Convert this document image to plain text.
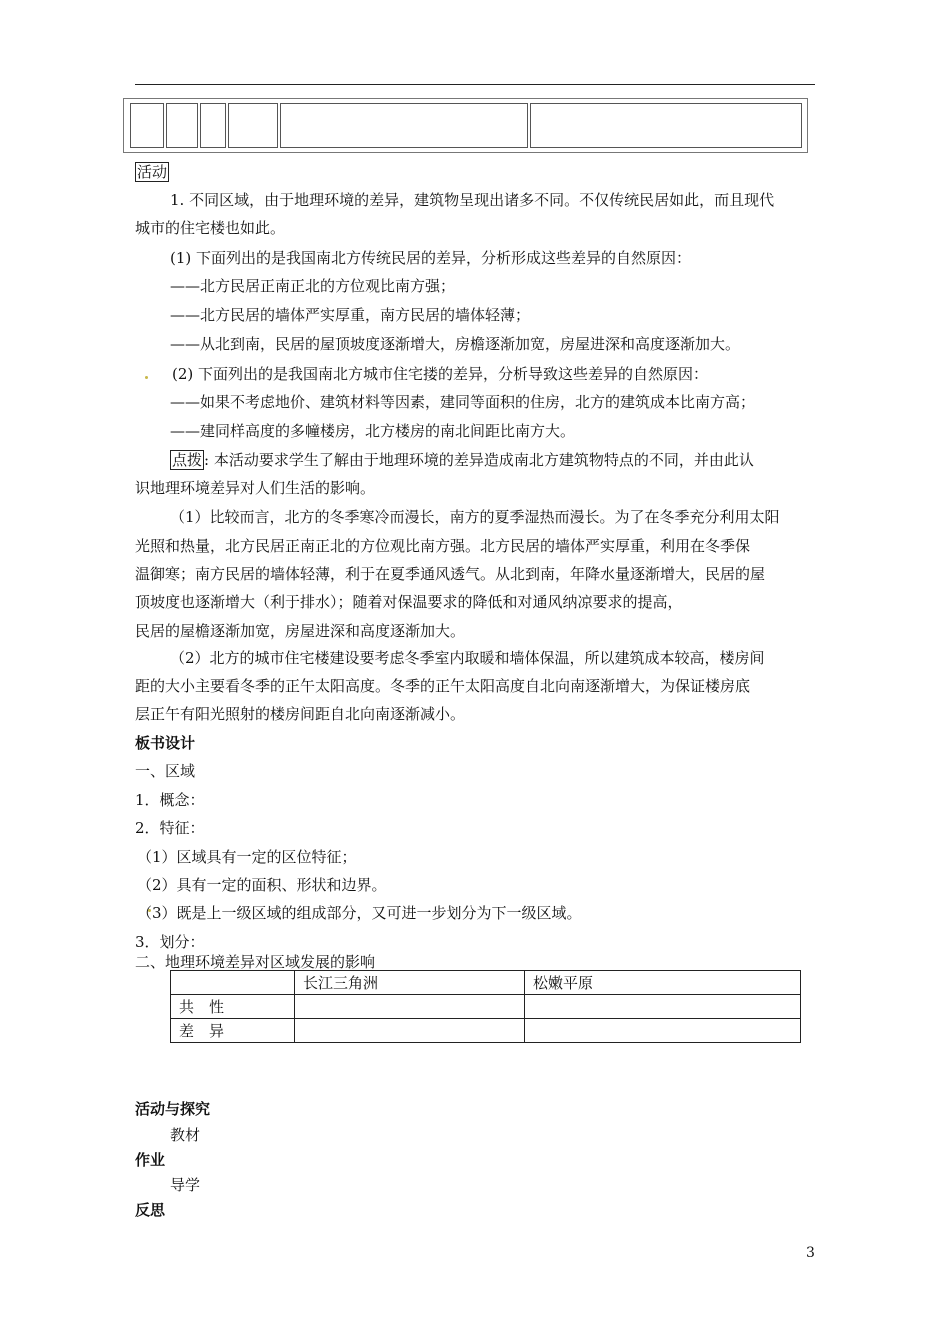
活动
1. 不同区域，由于地理环境的差异，建筑物呈现出诸多不同。不仅传统民居如此，而且现代
城市的住宅楼也如此。
(1) 下面列出的是我国南北方传统民居的差异，分析形成这些差异的自然原因：
——北方民居正南正北的方位观比南方强；
——北方民居的墙体严实厚重，南方民居的墙体轻薄；
——从北到南，民居的屋顶坡度逐渐增大，房檐逐渐加宽，房屋进深和高度逐渐加大。
(2) 下面列出的是我国南北方城市住宅搂的差异，分析导致这些差异的自然原因：
——如果不考虑地价、建筑材料等因素，建同等面积的住房，北方的建筑成本比南方高；
——建同样高度的多幢楼房，北方楼房的南北间距比南方大。
点拨 : 本活动要求学生了解由于地理环境的差异造成南北方建筑物特点的不同，并由此认
识地理环境差异对人们生活的影响。
（1）比较而言，北方的冬季寒冷而漫长，南方的夏季湿热而漫长。为了在冬季充分利用太阳
光照和热量，北方民居正南正北的方位观比南方强。北方民居的墙体严实厚重，利用在冬季保
温御寒；南方民居的墙体轻薄，利于在夏季通风透气。从北到南，年降水量逐渐增大，民居的屋
顶坡度也逐渐增大（利于排水）；随着对保温要求的降低和对通风纳凉要求的提高，
民居的屋檐逐渐加宽，房屋进深和高度逐渐加大。
（2）北方的城市住宅楼建设要考虑冬季室内取暖和墙体保温，所以建筑成本较高，楼房间
距的大小主要看冬季的正午太阳高度。冬季的正午太阳高度自北向南逐渐增大，为保证楼房底
层正午有阳光照射的楼房间距自北向南逐渐减小。
板书设计
一、区域
1．概念：
2．特征：
（1）区域具有一定的区位特征；
（2）具有一定的面积、形状和边界。
（3）既是上一级区域的组成部分，又可进一步划分为下一级区域。
3．划分：
二、地理环境差异对区域发展的影响
	长江三角洲	松嫩平原
共　性		
差　异		
活动与探究
教材
作业
导学
反思
3
